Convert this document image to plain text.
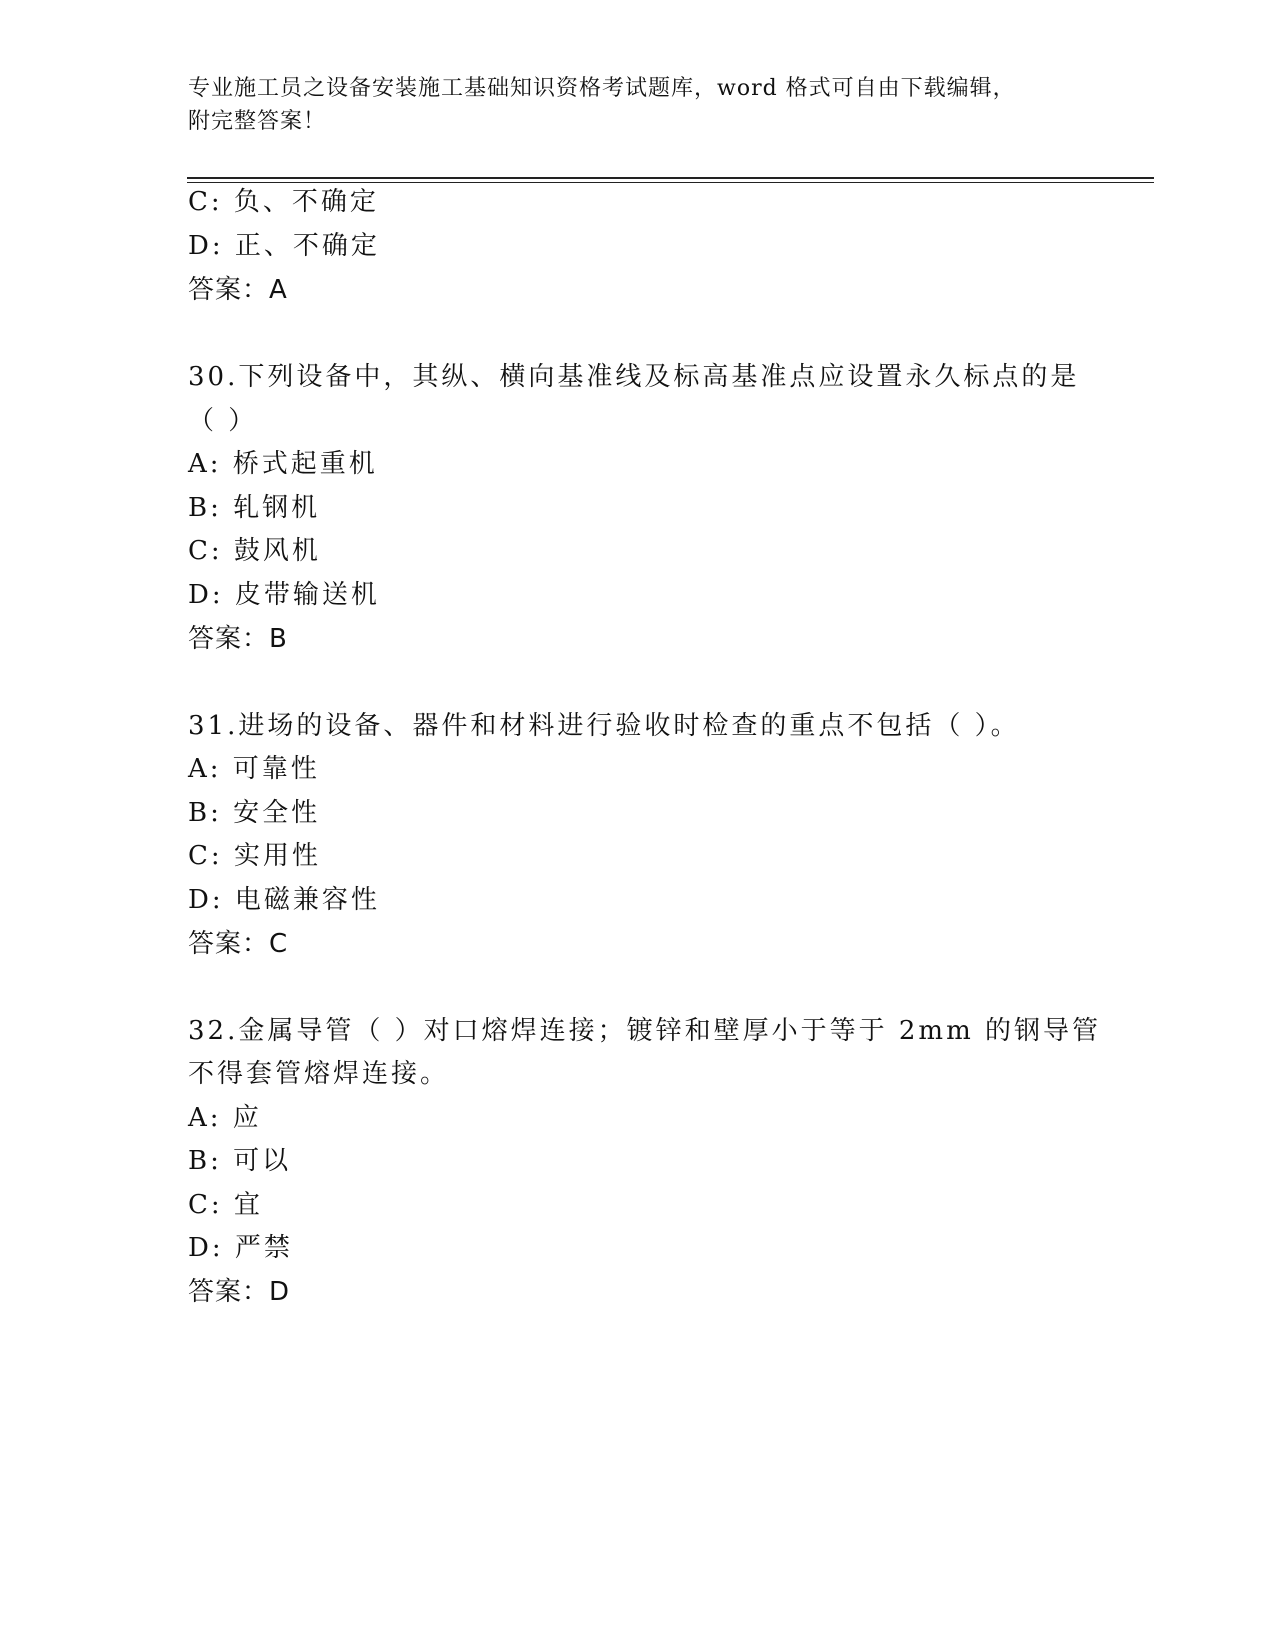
专业施工员之设备安装施工基础知识资格考试题库，word 格式可自由下载编辑，
附完整答案！
C: 负、不确定
D: 正、不确定
答案：A
30.下列设备中，其纵、横向基准线及标高基准点应设置永久标点的是
（ ）
A: 桥式起重机
B: 轧钢机
C: 鼓风机
D: 皮带输送机
答案：B
31.进场的设备、器件和材料进行验收时检查的重点不包括（ ）。
A: 可靠性
B: 安全性
C: 实用性
D: 电磁兼容性
答案：C
32.金属导管（ ）对口熔焊连接；镀锌和壁厚小于等于 2mm 的钢导管
不得套管熔焊连接。
A: 应
B: 可以
C: 宜
D: 严禁
答案：D
